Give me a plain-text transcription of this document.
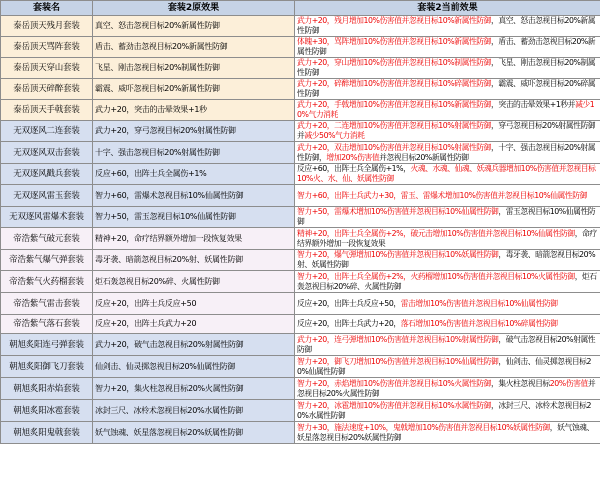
套装名	套装2原效果	套装2当前效果
泰岳顶天残月套装	真空、怒击忽视目标20%新属性防御	武力+20，残月增加10%伤害值并忽视目标10%新属性防御，真空、怒击忽视目标20%新属性防御
泰岳顶天骂阵套装	盾击、蓄劲击忽视目标20%新属性防御	体魄+30，骂阵增加10%伤害值并忽视目标10%新属性防御，盾击、蓄劲击忽视目标20%新属性防御
泰岳顶天穿山套装	飞星、刚击忽视目标20%制属性防御	武力+20，穿山增加10%伤害值并忽视目标10%制属性防御，飞星、刚击忽视目标20%制属性防御
泰岳顶天碎醉套装	霸震、威吓忽视目标20%新属性防御	武力+20，碎醉增加10%伤害值并忽视目标10%碎属性防御，霸震、威吓忽视目标20%碎属性防御
泰岳顶天手戟套装	武力+20，突击的击晕效果+1秒	武力+20，手戟增加10%伤害值并忽视目标10%新属性防御，突击的击晕效果+1秒并减少10%气力消耗
无双逐风二连套装	武力+20，穿弓忽视目标20%射属性防御	武力+20，二连增加10%伤害值并忽视目标10%射属性防御，穿弓忽视目标20%射属性防御并减少50%气力消耗
无双逐风双击套装	十字、强击忽视目标20%射属性防御	武力+20，双击增加10%伤害值并忽视目标10%射属性防御，十字、强击忽视目标20%射属性防御，增加20%伤害值并忽视目标20%新属性防御
无双逐风戳兵套装	反应+60，出阵士兵全属伤+1%	反应+60，出阵士兵全属伤+1%，火魂、水魂、仙魂、妖魂兵器增加10%伤害值并忽视目标10%火、水、仙、妖属性防御
无双逐风雷玉套装	智力+60，雷爆术忽视目标10%仙属性防御	智力+60，出阵士兵武力+30，雷玉、雷爆术增加10%伤害值并忽视目标10%仙属性防御
无双逐风雷爆术套装	智力+50，雷玉忽视目标10%仙属性防御	智力+50，雷爆术增加10%伤害值并忽视目标10%仙属性防御，雷玉忽视目标10%仙属性防御
帝浩紫气破元套装	精神+20，命疗结界额外增加一段恢复效果	精神+20，出阵士兵全属伤+2%，破元击增加10%伤害值并忽视目标10%仙属性防御，命疗结界额外增加一段恢复效果
帝浩紫气爆气弹套装	毒牙袭、暗箭忽视目标20%射、妖属性防御	智力+20，爆气弹增加10%伤害值并忽视目标10%妖属性防御，毒牙袭、暗箭忽视目标20%射、妖属性防御
帝浩紫气火药榴套装	炬石轰忽视目标20%碎、火属性防御	智力+20，出阵士兵全属伤+2%，火药榴增加10%伤害值并忽视目标10%火属性防御，炬石轰忽视目标20%碎、火属性防御
帝浩紫气雷击套装	反应+20，出阵士兵反应+50	反应+20，出阵士兵反应+50，雷击增加10%伤害值并忽视目标10%仙属性防御
帝浩紫气落石套装	反应+20，出阵士兵武力+20	反应+20，出阵士兵武力+20，落石增加10%伤害值并忽视目标10%碎属性防御
朝旭炙阳连弓弹套装	武力+20，破气击忽视目标20%射属性防御	武力+20，连弓弹增加10%伤害值并忽视目标10%射属性防御，破气击忽视目标20%射属性防御
朝旭炙阳御飞刀套装	仙剑击、仙灵掷忽视目标20%仙属性防御	智力+20，御飞刀增加10%伤害值并忽视目标10%仙属性防御，仙剑击、仙灵掷忽视目标20%仙属性防御
朝旭炙阳赤焰套装	智力+20，集火柱忽视目标20%火属性防御	智力+20，赤焰增加10%伤害值并忽视目标10%火属性防御，集火柱忽视目标20%伤害值并忽视目标20%火属性防御
朝旭炙阳冰雹套装	冰封三尺、冰柃术忽视目标20%水属性防御	智力+20，冰雹增加10%伤害值并忽视目标10%水属性防御，冰封三尺、冰柃术忽视目标20%水属性防御
朝旭炙阳鬼戟套装	妖气蚀魂、妖星落忽视目标20%妖属性防御	智力+30，施法速度+10%，鬼戟增加10%伤害值并忽视目标10%妖属性防御，妖气蚀魂、妖星落忽视目标20%妖属性防御
